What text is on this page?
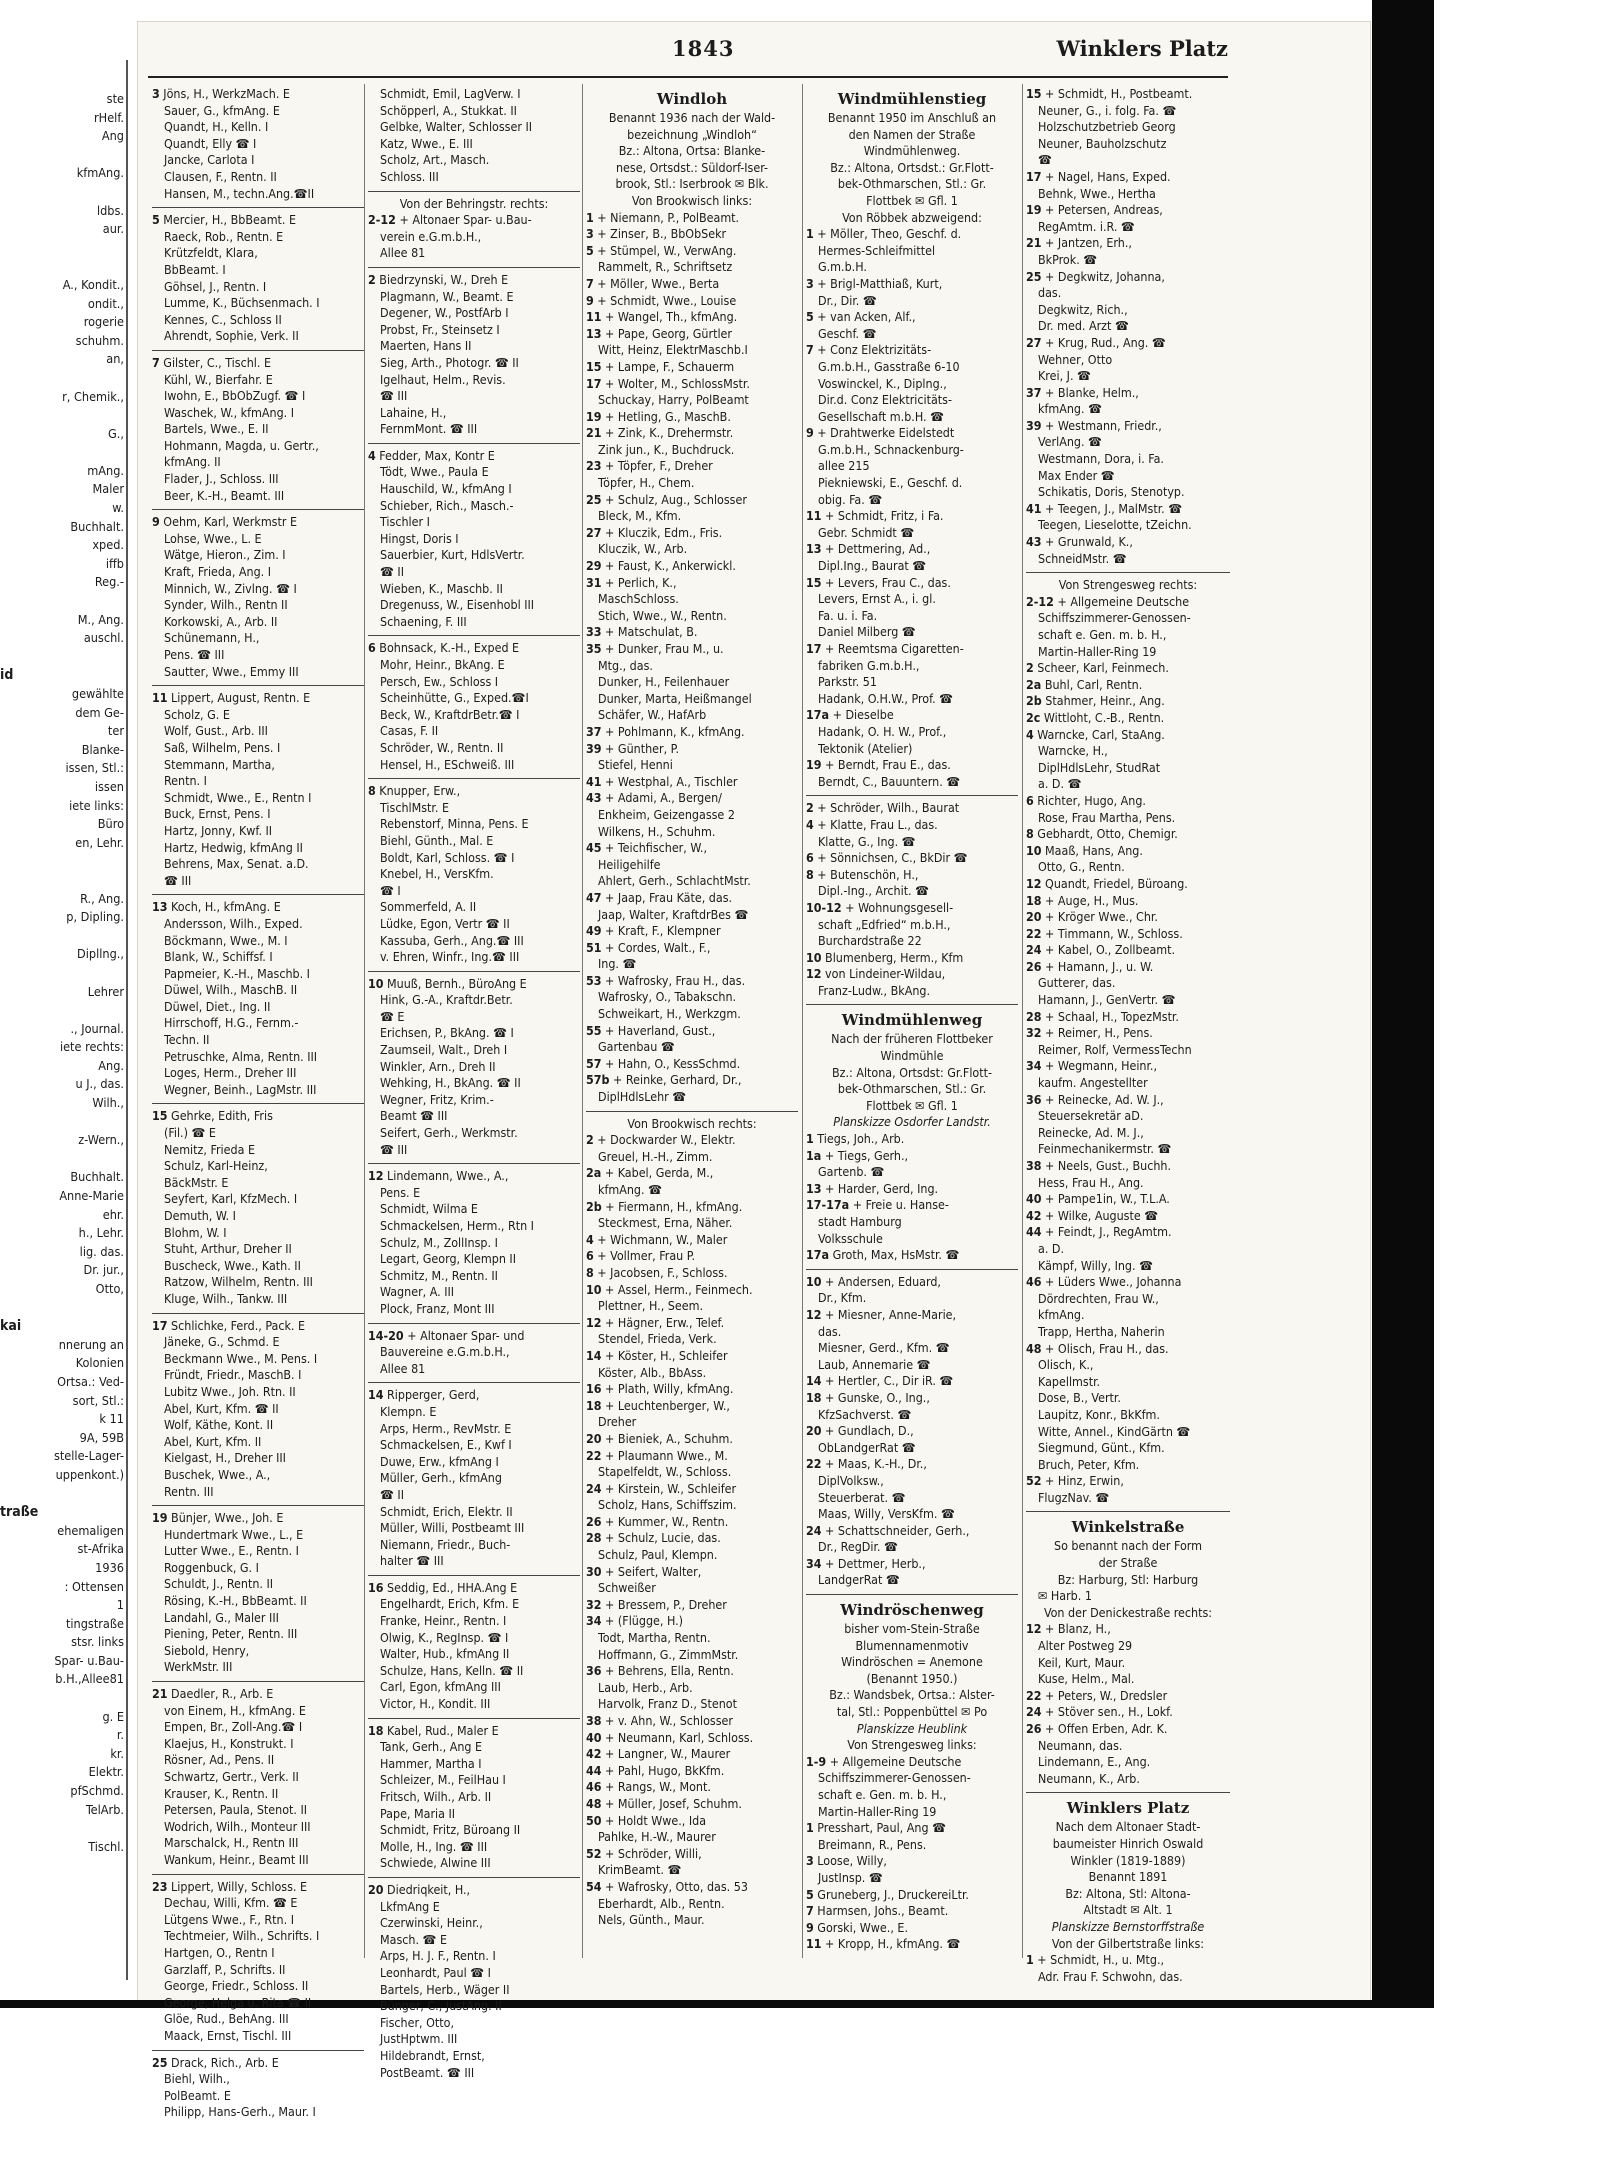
ste
rHelf.
Ang

kfmAng.

ldbs.
aur.

A., Kondit.,
ondit.,
rogerie
schuhm.
an,

r, Chemik.,

G.,

mAng.
Maler
w.
Buchhalt.
xped.
iffb
Reg.-

M., Ang.
auschl.

id
gewählte
dem Ge-
ter
Blanke-
issen, Stl.:
issen
iete links:
Büro
en, Lehr.

R., Ang.
p, Dipling.

Dipllng.,

Lehrer

., Journal.
iete rechts:
Ang.
u J., das.
Wilh.,

z-Wern.,

Buchhalt.
Anne-Marie
ehr.
h., Lehr.
lig. das.
Dr. jur.,
Otto,

kai
nnerung an
Kolonien
Ortsa.: Ved-
sort, Stl.:
k 11
9A, 59B
stelle-Lager-
uppenkont.)

traße
ehemaligen
st-Afrika
1936
: Ottensen
1
tingstraße
stsr. links
Spar- u.Bau-
b.H.,Allee81

g. E
r.
kr.
Elektr.
pfSchmd.
TelArb.

Tischl.
1843	Winklers Platz
3 Jöns, H., WerkzMach. E
Sauer, G., kfmAng. E
Quandt, H., Kelln. I
Quandt, Elly ☎ I
Jancke, Carlota I
Clausen, F., Rentn. II
Hansen, M., techn.Ang.☎II
5 Mercier, H., BbBeamt. E
Raeck, Rob., Rentn. E
Krützfeldt, Klara,
BbBeamt. I
Göhsel, J., Rentn. I
Lumme, K., Büchsenmach. I
Kennes, C., Schloss II
Ahrendt, Sophie, Verk. II
7 Gilster, C., Tischl. E
Kühl, W., Bierfahr. E
Iwohn, E., BbObZugf. ☎ I
Waschek, W., kfmAng. I
Bartels, Wwe., E. II
Hohmann, Magda, u. Gertr.,
kfmAng. II
Flader, J., Schloss. III
Beer, K.-H., Beamt. III
9 Oehm, Karl, Werkmstr E
Lohse, Wwe., L. E
Wätge, Hieron., Zim. I
Kraft, Frieda, Ang. I
Minnich, W., Zivlng. ☎ I
Synder, Wilh., Rentn II
Korkowski, A., Arb. II
Schünemann, H.,
Pens. ☎ III
Sautter, Wwe., Emmy III
11 Lippert, August, Rentn. E
Scholz, G. E
Wolf, Gust., Arb. III
Saß, Wilhelm, Pens. I
Stemmann, Martha,
Rentn. I
Schmidt, Wwe., E., Rentn I
Buck, Ernst, Pens. I
Hartz, Jonny, Kwf. II
Hartz, Hedwig, kfmAng II
Behrens, Max, Senat. a.D.
☎ III
13 Koch, H., kfmAng. E
Andersson, Wilh., Exped.
Böckmann, Wwe., M. I
Blank, W., Schiffsf. I
Papmeier, K.-H., Maschb. I
Düwel, Wilh., MaschB. II
Düwel, Diet., Ing. II
Hirrschoff, H.G., Fernm.-
Techn. II
Petruschke, Alma, Rentn. III
Loges, Herm., Dreher III
Wegner, Beinh., LagMstr. III
15 Gehrke, Edith, Fris
(Fil.) ☎ E
Nemitz, Frieda E
Schulz, Karl-Heinz,
BäckMstr. E
Seyfert, Karl, KfzMech. I
Demuth, W. I
Blohm, W. I
Stuht, Arthur, Dreher II
Buscheck, Wwe., Kath. II
Ratzow, Wilhelm, Rentn. III
Kluge, Wilh., Tankw. III
17 Schlichke, Ferd., Pack. E
Jäneke, G., Schmd. E
Beckmann Wwe., M. Pens. I
Fründt, Friedr., MaschB. I
Lubitz Wwe., Joh. Rtn. II
Abel, Kurt, Kfm. ☎ II
Wolf, Käthe, Kont. II
Abel, Kurt, Kfm. II
Kielgast, H., Dreher III
Buschek, Wwe., A.,
Rentn. III
19 Bünjer, Wwe., Joh. E
Hundertmark Wwe., L., E
Lutter Wwe., E., Rentn. I
Roggenbuck, G. I
Schuldt, J., Rentn. II
Rösing, K.-H., BbBeamt. II
Landahl, G., Maler III
Piening, Peter, Rentn. III
Siebold, Henry,
WerkMstr. III
21 Daedler, R., Arb. E
von Einem, H., kfmAng. E
Empen, Br., Zoll-Ang.☎ I
Klaejus, H., Konstrukt. I
Rösner, Ad., Pens. II
Schwartz, Gertr., Verk. II
Krauser, K., Rentn. II
Petersen, Paula, Stenot. II
Wodrich, Wilh., Monteur III
Marschalck, H., Rentn III
Wankum, Heinr., Beamt III
23 Lippert, Willy, Schloss. E
Dechau, Willi, Kfm. ☎ E
Lütgens Wwe., F., Rtn. I
Techtmeier, Wilh., Schrifts. I
Hartgen, O., Rentn I
Garzlaff, P., Schrifts. II
George, Friedr., Schloss. II
George, Helga u. Rita ☎ II
Glöe, Rud., BehAng. III
Maack, Ernst, Tischl. III
25 Drack, Rich., Arb. E
Biehl, Wilh.,
PolBeamt. E
Philipp, Hans-Gerh., Maur. I
Schmidt, Emil, LagVerw. I
Schöpperl, A., Stukkat. II
Gelbke, Walter, Schlosser II
Katz, Wwe., E. III
Scholz, Art., Masch.
Schloss. III
Von der Behringstr. rechts:
2-12 + Altonaer Spar- u.Bau-
verein e.G.m.b.H.,
Allee 81
2 Biedrzynski, W., Dreh E
Plagmann, W., Beamt. E
Degener, W., PostfArb I
Probst, Fr., Steinsetz I
Maerten, Hans II
Sieg, Arth., Photogr. ☎ II
Igelhaut, Helm., Revis.
☎ III
Lahaine, H.,
FernmMont. ☎ III
4 Fedder, Max, Kontr E
Tödt, Wwe., Paula E
Hauschild, W., kfmAng I
Schieber, Rich., Masch.-
Tischler I
Hingst, Doris I
Sauerbier, Kurt, HdlsVertr.
☎ II
Wieben, K., Maschb. II
Dregenuss, W., Eisenhobl III
Schaening, F. III
6 Bohnsack, K.-H., Exped E
Mohr, Heinr., BkAng. E
Persch, Ew., Schloss I
Scheinhütte, G., Exped.☎I
Beck, W., KraftdrBetr.☎ I
Casas, F. II
Schröder, W., Rentn. II
Hensel, H., ESchweiß. III
8 Knupper, Erw.,
TischlMstr. E
Rebenstorf, Minna, Pens. E
Biehl, Günth., Mal. E
Boldt, Karl, Schloss. ☎ I
Knebel, H., VersKfm.
☎ I
Sommerfeld, A. II
Lüdke, Egon, Vertr ☎ II
Kassuba, Gerh., Ang.☎ III
v. Ehren, Winfr., Ing.☎ III
10 Muuß, Bernh., BüroAng E
Hink, G.-A., Kraftdr.Betr.
☎ E
Erichsen, P., BkAng. ☎ I
Zaumseil, Walt., Dreh I
Winkler, Arn., Dreh II
Wehking, H., BkAng. ☎ II
Wegner, Fritz, Krim.-
Beamt ☎ III
Seifert, Gerh., Werkmstr.
☎ III
12 Lindemann, Wwe., A.,
Pens. E
Schmidt, Wilma E
Schmackelsen, Herm., Rtn I
Schulz, M., ZollInsp. I
Legart, Georg, Klempn II
Schmitz, M., Rentn. II
Wagner, A. III
Plock, Franz, Mont III
14-20 + Altonaer Spar- und
Bauvereine e.G.m.b.H.,
Allee 81
14 Ripperger, Gerd,
Klempn. E
Arps, Herm., RevMstr. E
Schmackelsen, E., Kwf I
Duwe, Erw., kfmAng I
Müller, Gerh., kfmAng
☎ II
Schmidt, Erich, Elektr. II
Müller, Willi, Postbeamt III
Niemann, Friedr., Buch-
halter ☎ III
16 Seddig, Ed., HHA.Ang E
Engelhardt, Erich, Kfm. E
Franke, Heinr., Rentn. I
Olwig, K., RegInsp. ☎ I
Walter, Hub., kfmAng II
Schulze, Hans, Kelln. ☎ II
Carl, Egon, kfmAng III
Victor, H., Kondit. III
18 Kabel, Rud., Maler E
Tank, Gerh., Ang E
Hammer, Martha I
Schleizer, M., FeilHau I
Fritsch, Wilh., Arb. II
Pape, Maria II
Schmidt, Fritz, Büroang II
Molle, H., Ing. ☎ III
Schwiede, Alwine III
20 Diedriqkeit, H.,
LkfmAng E
Czerwinski, Heinr.,
Masch. ☎ E
Arps, H. J. F., Rentn. I
Leonhardt, Paul ☎ I
Bartels, Herb., Wäger II
Bünger, C., JustAng. II
Fischer, Otto,
JustHptwm. III
Hildebrandt, Ernst,
PostBeamt. ☎ III
Windloh
Benannt 1936 nach der Wald-
bezeichnung „Windloh“
Bz.: Altona, Ortsa: Blanke-
nese, Ortsdst.: Süldorf-Iser-
brook, Stl.: Iserbrook ✉ Blk.
Von Brookwisch links:
1 + Niemann, P., PolBeamt.
3 + Zinser, B., BbObSekr
5 + Stümpel, W., VerwAng.
Rammelt, R., Schriftsetz
7 + Möller, Wwe., Berta
9 + Schmidt, Wwe., Louise
11 + Wangel, Th., kfmAng.
13 + Pape, Georg, Gürtler
Witt, Heinz, ElektrMaschb.I
15 + Lampe, F., Schauerm
17 + Wolter, M., SchlossMstr.
Schuckay, Harry, PolBeamt
19 + Hetling, G., MaschB.
21 + Zink, K., Drehermstr.
Zink jun., K., Buchdruck.
23 + Töpfer, F., Dreher
Töpfer, H., Chem.
25 + Schulz, Aug., Schlosser
Bleck, M., Kfm.
27 + Kluczik, Edm., Fris.
Kluczik, W., Arb.
29 + Faust, K., Ankerwickl.
31 + Perlich, K.,
MaschSchloss.
Stich, Wwe., W., Rentn.
33 + Matschulat, B.
35 + Dunker, Frau M., u.
Mtg., das.
Dunker, H., Feilenhauer
Dunker, Marta, Heißmangel
Schäfer, W., HafArb
37 + Pohlmann, K., kfmAng.
39 + Günther, P.
Stiefel, Henni
41 + Westphal, A., Tischler
43 + Adami, A., Bergen/
Enkheim, Geizengasse 2
Wilkens, H., Schuhm.
45 + Teichfischer, W.,
Heiligehilfe
Ahlert, Gerh., SchlachtMstr.
47 + Jaap, Frau Käte, das.
Jaap, Walter, KraftdrBes ☎
49 + Kraft, F., Klempner
51 + Cordes, Walt., F.,
Ing. ☎
53 + Wafrosky, Frau H., das.
Wafrosky, O., Tabakschn.
Schweikart, H., Werkzgm.
55 + Haverland, Gust.,
Gartenbau ☎
57 + Hahn, O., KessSchmd.
57b + Reinke, Gerhard, Dr.,
DiplHdlsLehr ☎
Von Brookwisch rechts:
2 + Dockwarder W., Elektr.
Greuel, H.-H., Zimm.
2a + Kabel, Gerda, M.,
kfmAng. ☎
2b + Fiermann, H., kfmAng.
Steckmest, Erna, Näher.
4 + Wichmann, W., Maler
6 + Vollmer, Frau P.
8 + Jacobsen, F., Schloss.
10 + Assel, Herm., Feinmech.
Plettner, H., Seem.
12 + Hägner, Erw., Telef.
Stendel, Frieda, Verk.
14 + Köster, H., Schleifer
Köster, Alb., BbAss.
16 + Plath, Willy, kfmAng.
18 + Leuchtenberger, W.,
Dreher
20 + Bieniek, A., Schuhm.
22 + Plaumann Wwe., M.
Stapelfeldt, W., Schloss.
24 + Kirstein, W., Schleifer
Scholz, Hans, Schiffszim.
26 + Kummer, W., Rentn.
28 + Schulz, Lucie, das.
Schulz, Paul, Klempn.
30 + Seifert, Walter,
Schweißer
32 + Bressem, P., Dreher
34 + (Flügge, H.)
Todt, Martha, Rentn.
Hoffmann, G., ZimmMstr.
36 + Behrens, Ella, Rentn.
Laub, Herb., Arb.
Harvolk, Franz D., Stenot
38 + v. Ahn, W., Schlosser
40 + Neumann, Karl, Schloss.
42 + Langner, W., Maurer
44 + Pahl, Hugo, BkKfm.
46 + Rangs, W., Mont.
48 + Müller, Josef, Schuhm.
50 + Holdt Wwe., Ida
Pahlke, H.-W., Maurer
52 + Schröder, Willi,
KrimBeamt. ☎
54 + Wafrosky, Otto, das. 53
Eberhardt, Alb., Rentn.
Nels, Günth., Maur.
Windmühlenstieg
Benannt 1950 im Anschluß an
den Namen der Straße
Windmühlenweg.
Bz.: Altona, Ortsdst.: Gr.Flott-
bek-Othmarschen, Stl.: Gr.
Flottbek ✉ Gfl. 1
Von Röbbek abzweigend:
1 + Möller, Theo, Geschf. d.
Hermes-Schleifmittel
G.m.b.H.
3 + Brigl-Matthiaß, Kurt,
Dr., Dir. ☎
5 + van Acken, Alf.,
Geschf. ☎
7 + Conz Elektrizitäts-
G.m.b.H., Gasstraße 6-10
Voswinckel, K., Diplng.,
Dir.d. Conz Elektricitäts-
Gesellschaft m.b.H. ☎
9 + Drahtwerke Eidelstedt
G.m.b.H., Schnackenburg-
allee 215
Piekniewski, E., Geschf. d.
obig. Fa. ☎
11 + Schmidt, Fritz, i Fa.
Gebr. Schmidt ☎
13 + Dettmering, Ad.,
Dipl.Ing., Baurat ☎
15 + Levers, Frau C., das.
Levers, Ernst A., i. gl.
Fa. u. i. Fa.
Daniel Milberg ☎
17 + Reemtsma Cigaretten-
fabriken G.m.b.H.,
Parkstr. 51
Hadank, O.H.W., Prof. ☎
17a + Dieselbe
Hadank, O. H. W., Prof.,
Tektonik (Atelier)
19 + Berndt, Frau E., das.
Berndt, C., Bauuntern. ☎
2 + Schröder, Wilh., Baurat
4 + Klatte, Frau L., das.
Klatte, G., Ing. ☎
6 + Sönnichsen, C., BkDir ☎
8 + Butenschön, H.,
Dipl.-Ing., Archit. ☎
10-12 + Wohnungsgesell-
schaft „Edfried“ m.b.H.,
Burchardstraße 22
10 Blumenberg, Herm., Kfm
12 von Lindeiner-Wildau,
Franz-Ludw., BkAng.
Windmühlenweg
Nach der früheren Flottbeker
Windmühle
Bz.: Altona, Ortsdst: Gr.Flott-
bek-Othmarschen, Stl.: Gr.
Flottbek ✉ Gfl. 1
Planskizze Osdorfer Landstr.
1 Tiegs, Joh., Arb.
1a + Tiegs, Gerh.,
Gartenb. ☎
13 + Harder, Gerd, Ing.
17-17a + Freie u. Hanse-
stadt Hamburg
Volksschule
17a Groth, Max, HsMstr. ☎
10 + Andersen, Eduard,
Dr., Kfm.
12 + Miesner, Anne-Marie,
das.
Miesner, Gerd., Kfm. ☎
Laub, Annemarie ☎
14 + Hertler, C., Dir iR. ☎
18 + Gunske, O., Ing.,
KfzSachverst. ☎
20 + Gundlach, D.,
ObLandgerRat ☎
22 + Maas, K.-H., Dr.,
DiplVolksw.,
Steuerberat. ☎
Maas, Willy, VersKfm. ☎
24 + Schattschneider, Gerh.,
Dr., RegDir. ☎
34 + Dettmer, Herb.,
LandgerRat ☎
Windröschenweg
bisher vom-Stein-Straße
Blumennamenmotiv
Windröschen = Anemone
(Benannt 1950.)
Bz.: Wandsbek, Ortsa.: Alster-
tal, Stl.: Poppenbüttel ✉ Po
Planskizze Heublink
Von Strengesweg links:
1-9 + Allgemeine Deutsche
Schiffszimmerer-Genossen-
schaft e. Gen. m. b. H.,
Martin-Haller-Ring 19
1 Presshart, Paul, Ang ☎
Breimann, R., Pens.
3 Loose, Willy,
JustInsp. ☎
5 Gruneberg, J., DruckereiLtr.
7 Harmsen, Johs., Beamt.
9 Gorski, Wwe., E.
11 + Kropp, H., kfmAng. ☎
15 + Schmidt, H., Postbeamt.
Neuner, G., i. folg. Fa. ☎
Holzschutzbetrieb Georg
Neuner, Bauholzschutz
☎
17 + Nagel, Hans, Exped.
Behnk, Wwe., Hertha
19 + Petersen, Andreas,
RegAmtm. i.R. ☎
21 + Jantzen, Erh.,
BkProk. ☎
25 + Degkwitz, Johanna,
das.
Degkwitz, Rich.,
Dr. med. Arzt ☎
27 + Krug, Rud., Ang. ☎
Wehner, Otto
Krei, J. ☎
37 + Blanke, Helm.,
kfmAng. ☎
39 + Westmann, Friedr.,
VerlAng. ☎
Westmann, Dora, i. Fa.
Max Ender ☎
Schikatis, Doris, Stenotyp.
41 + Teegen, J., MalMstr. ☎
Teegen, Lieselotte, tZeichn.
43 + Grunwald, K.,
SchneidMstr. ☎
Von Strengesweg rechts:
2-12 + Allgemeine Deutsche
Schiffszimmerer-Genossen-
schaft e. Gen. m. b. H.,
Martin-Haller-Ring 19
2 Scheer, Karl, Feinmech.
2a Buhl, Carl, Rentn.
2b Stahmer, Heinr., Ang.
2c Wittloht, C.-B., Rentn.
4 Warncke, Carl, StaAng.
Warncke, H.,
DiplHdlsLehr, StudRat
a. D. ☎
6 Richter, Hugo, Ang.
Rose, Frau Martha, Pens.
8 Gebhardt, Otto, Chemigr.
10 Maaß, Hans, Ang.
Otto, G., Rentn.
12 Quandt, Friedel, Büroang.
18 + Auge, H., Mus.
20 + Kröger Wwe., Chr.
22 + Timmann, W., Schloss.
24 + Kabel, O., Zollbeamt.
26 + Hamann, J., u. W.
Gutterer, das.
Hamann, J., GenVertr. ☎
28 + Schaal, H., TopezMstr.
32 + Reimer, H., Pens.
Reimer, Rolf, VermessTechn
34 + Wegmann, Heinr.,
kaufm. Angestellter
36 + Reinecke, Ad. W. J.,
Steuersekretär aD.
Reinecke, Ad. M. J.,
Feinmechanikermstr. ☎
38 + Neels, Gust., Buchh.
Hess, Frau H., Ang.
40 + Pampe1in, W., T.L.A.
42 + Wilke, Auguste ☎
44 + Feindt, J., RegAmtm.
a. D.
Kämpf, Willy, Ing. ☎
46 + Lüders Wwe., Johanna
Dördrechten, Frau W.,
kfmAng.
Trapp, Hertha, Naherin
48 + Olisch, Frau H., das.
Olisch, K.,
Kapellmstr.
Dose, B., Vertr.
Laupitz, Konr., BkKfm.
Witte, Annel., KindGärtn ☎
Siegmund, Günt., Kfm.
Bruch, Peter, Kfm.
52 + Hinz, Erwin,
FlugzNav. ☎
Winkelstraße
So benannt nach der Form
der Straße
Bz: Harburg, Stl: Harburg
✉ Harb. 1
Von der Denickestraße rechts:
12 + Blanz, H.,
Alter Postweg 29
Keil, Kurt, Maur.
Kuse, Helm., Mal.
22 + Peters, W., Dredsler
24 + Stöver sen., H., Lokf.
26 + Offen Erben, Adr. K.
Neumann, das.
Lindemann, E., Ang.
Neumann, K., Arb.
Winklers Platz
Nach dem Altonaer Stadt-
baumeister Hinrich Oswald
Winkler (1819-1889)
Benannt 1891
Bz: Altona, Stl: Altona-
Altstadt ✉ Alt. 1
Planskizze Bernstorffstraße
Von der Gilbertstraße links:
1 + Schmidt, H., u. Mtg.,
Adr. Frau F. Schwohn, das.
